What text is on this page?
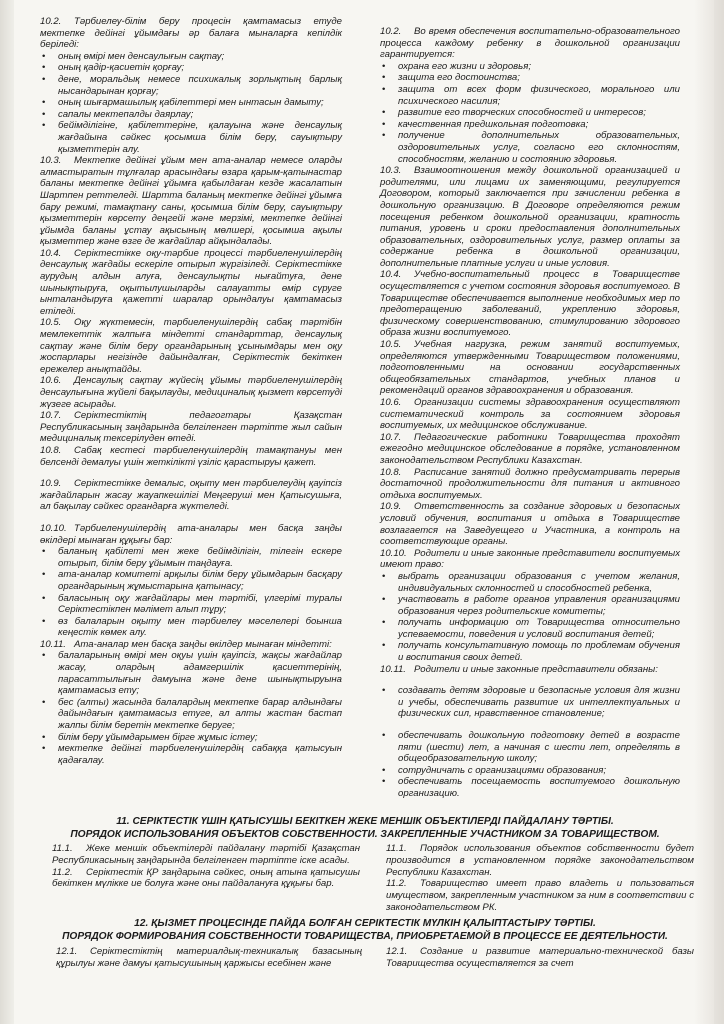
10.2. Тәрбиелеу-білім беру процесін қамтамасыз етуде мектепке дейінгі ұйымдағы әр балаға мыналарға кепілдік беріледі:

• оның өмірі мен денсаулығын сақтау;
• оның қадір-қасиетін қорғау;
• дене, моральдық немесе психикалық зорлықтың барлық нысандарынан қорғау;
• оның шығармашылық қабілеттері мен ынтасын дамыту;
• сапалы мектепалды даярлау;
• бейімділігіне, қабілеттеріне, қалауына және денсаулық жағдайына сәйкес қосымша білім беру, сауықтыру қызметтерін алу.

10.3. Мектепке дейінгі ұйым мен ата-аналар немесе оларды алмастыратын тұлғалар арасындағы өзара қарым-қатынастар баланы мектепке дейінгі ұйымға қабылдаған кезде жасалатын Шартпен реттеледі. Шартта баланың мектепке дейінгі ұйымға бару режимі, тамақтану саны, қосымша білім беру, сауықтыру қызметтерін көрсету деңгейі және мерзімі, мектепке дейінгі ұйымда баланы ұстау ақысының мөлшері, қосымша ақылы қызметтер және өзге де жағдайлар айқындалады.

10.4. Серіктестікке оқу-тәрбие процессі тәрбиеленушілердің денсаулық жағдайы ескеріле отырып жүргізіледі. Серіктестікке аурудың алдын алуға, денсаулықты нығайтуға, дене шынықтыруға, оқытылушыларды салауатты өмір сүруге ынталандыруға қажетті шаралар орындалуы қамтамасыз етіледі.

10.5. Оқу жүктемесін, тәрбиеленушілердің сабақ тәртібін мемлекеттік жалпыға міндетті стандарттар, денсаулық сақтау және білім беру органдарының ұсынымдары мен оқу жоспарлары негізінде дайындалған, Серіктестік бекіткен ережелер анықтайды.

10.6. Денсаулық сақтау жүйесің ұйымы тәрбиеленушілердің денсаулығына жүйелі бақылауды, медициналық қызмет көрсетуді жүзеге асырады.

10.7. Серіктестіктің педагогтары Қазақстан Республикасының заңдарында белгіленген тәртіпте жыл сайын медициналық тексерілуден өтеді.

10.8. Сабақ кестесі тәрбиеленушілердің тамақтануы мен белсенді демалуы үшін жеткілікті үзіліс қарастыруы қажет.

10.9. Серіктестікке демалыс, оқыту мен тәрбиелеудің қауіпсіз жағдайларын жасау жауапкешілігі Меңгеруші мен Қатысушыға, ал бақылау сәйкес органдарға жүктеледі.

10.10. Тәрбиеленушілердің ата-аналары мен басқа заңды өкілдері мынаған құқығы бар:

• баланың қабілеті мен жеке бейімділігін, тілегін ескере отырып, білім беру ұйымын таңдауға.
• ата-аналар комитеті арқылы білім беру ұйымдарын басқару органдарының жұмыстарына қатынасу;
• баласының оқу жағдайлары мен тәртібі, үлгерімі туралы Серіктестікпен мәлімет алып тұру;
• өз балаларын оқыту мен тәрбиелеу мәселелері боынша кеңестік көмек алу.

10.11. Ата-аналар мен басқа заңды өкілдер мынаған міндетті:

• балаларының өмірі мен оқуы үшін қауіпсіз, жақсы жағдайлар жасау, олардың адамгершілік қасиеттерінің, парасаттылығын дамуына және дене шынықтыруына қамтамасыз ету;
• бес (алты) жасында балалардың мектепке барар алдындағы дайындағын қамтамасыз етуге, ал алты жастан бастап жалпы білім беретін мектепке беруге;
• білім беру ұйымдарымен бірге жұмыс істеу;
• мектепке дейінгі тәрбиеленушілердің сабаққа қатысуын қадағалау.

10.2. Во время обеспечения воспитательно-образовательного процесса каждому ребенку в дошкольной организации гарантируется:

• охрана его жизни и здоровья;
• защита его достоинства;
• защита от всех форм физического, морального или психического насилия;
• развитие его творческих способностей и интересов;
• качественная предшкольная подготовка;
• получение дополнительных образовательных, оздоровительных услуг, согласно его склонностям, способностям, желанию и состоянию здоровья.

10.3. Взаимоотношения между дошкольной организацией и родителями, или лицами их заменяющими, регулируется Договором, который заключается при зачислении ребенка в дошкольную организацию. В Договоре определяются режим посещения ребенком дошкольной организации, кратность питания, уровень и сроки предоставления дополнительных образовательных, оздоровительных услуг, размер оплаты за содержание ребенка в дошкольной организации, дополнительные платные услуги и иные условия.

10.4. Учебно-воспитательный процесс в Товариществе осуществляется с учетом состояния здоровья воспитуемого. В Товариществе обеспечивается выполнение необходимых мер по предотеращению заболеваний, укреплению здоровья, физическому совершенствованию, стимулированию здорового образа жизни воспитуемого.

10.5. Учебная нагрузка, режим занятий воспитуемых, определяются утвержденными Товариществом положениями, подготовленными на основании государственных общеобязательных стандартов, учебных планов и рекомендаций органов здравоохранения и образования.

10.6. Организации системы здравоохранения осуществляют систематический контроль за состоянием здоровья воспитуемых, их медицинское обслуживание.

10.7. Педагогические работники Товарищества проходят ежегодно медицинское обследование в порядке, установленном законодательством Республики Казахстан.

10.8. Расписание занятий должно предусматривать перерыв достаточной продолжительности для питания и активного отдыха воспитуемых.

10.9. Ответственность за создание здоровых и безопасных условий обучения, воспитания и отдыха в Товариществе возлагается на Заведуещего и Участника, а контроль на соответствующие органы.

10.10. Родители и иные законные представители воспитуемых имеют право:

• выбрать организации образования с учетом желания, индивидуальных склонностей и способностей ребенка,
• участвовать в работе органов управления организациями образования через родительские комитеты;
• получать информацию от Товарищества относительно успеваемости, поведения и условий воспитания детей;
• получать консультативную помощь по проблемам обучения и воспитания своих детей.

10.11. Родители и иные законные представители обязаны:

• создавать детям здоровые и безопасные условия для жизни и учебы, обеспечивать развитие их интеллектуальных и физических сил, нравственное становление;
• обеспечивать дошкольную подготовку детей в возрасте пяти (шести) лет, а начиная с шести лет, определять в общеобразовательную школу;
• сотрудничать с организациями образования;
• обеспечивать посещаемость воспитуемого дошкольную организацию.
11. СЕРІКТЕСТІК ҮШІН ҚАТЫСУШЫ БЕКІТКЕН ЖЕКЕ МЕНШІК ОБЪЕКТІЛЕРДІ ПАЙДАЛАНУ ТӘРТІБІ.
ПОРЯДОК ИСПОЛЬЗОВАНИЯ ОБЪЕКТОВ СОБСТВЕННОСТИ. ЗАКРЕПЛЕННЫЕ УЧАСТНИКОМ ЗА ТОВАРИЩЕСТВОМ.

11.1. Жеке меншік объектілерді пайдалану тәртібі Қазақстан Республикасының заңдарында белгіленген тәртіпте іске асады.

11.2. Серіктестік ҚР заңдарына сәйкес, оның атына қатысушы бекіткен мүлікке ие болуға және оны пайдалануға құқығы бар.

11.1. Порядок использования объектов собственности будет производится в установленном порядке законодательством Республики Казахстан.

11.2. Товарищество имеет право владеть и пользоваться имуществом, закрепленным участником за ним в соответствии с законодательством РК.

12. ҚЫЗМЕТ ПРОЦЕСІНДЕ ПАЙДА БОЛҒАН СЕРІКТЕСТІК МҮЛКІН ҚАЛЫПТАСТЫРУ ТӘРТІБІ.
ПОРЯДОК ФОРМИРОВАНИЯ СОБСТВЕННОСТИ ТОВАРИЩЕСТВА, ПРИОБРЕТАЕМОЙ В ПРОЦЕССЕ ЕЕ ДЕЯТЕЛЬНОСТИ.

12.1. Серіктестіктің материалдық-техникалық базасының құрылуы және дамуы қатысушының қаржысы есебінен және

12.1. Создание и развитие материально-технической базы Товарищества осуществляется за счет
